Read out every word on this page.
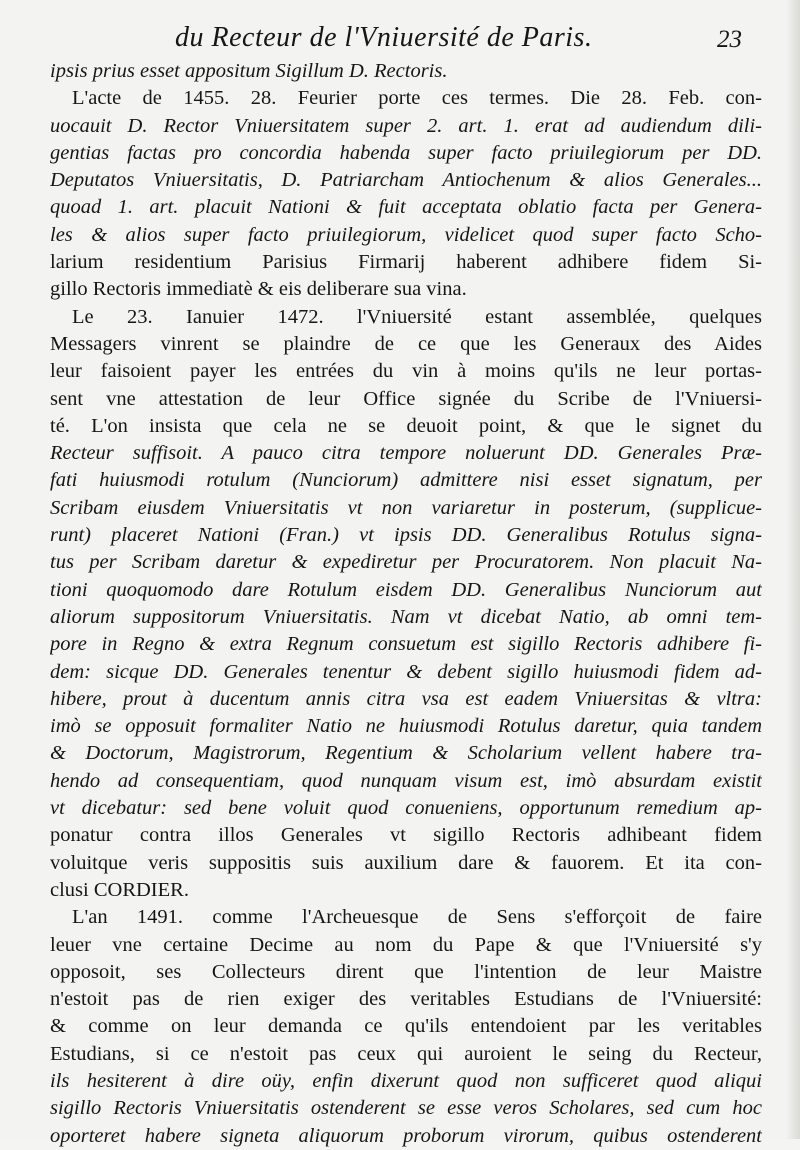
du Recteur de l'Vniuersité de Paris.	23
ipsis prius esset appositum Sigillum D. Rectoris.
L'acte de 1455. 28. Feurier porte ces termes. Die 28. Feb. con-
uocauit D. Rector Vniuersitatem super 2. art. 1. erat ad audiendum dili-
gentias factas pro concordia habenda super facto priuilegiorum per DD.
Deputatos Vniuersitatis, D. Patriarcham Antiochenum & alios Generales...
quoad 1. art. placuit Nationi & fuit acceptata oblatio facta per Genera-
les & alios super facto priuilegiorum, videlicet quod super facto Scho-
larium residentium Parisius Firmarij haberent adhibere fidem Si-
gillo Rectoris immediatè & eis deliberare sua vina.
Le 23. Ianuier 1472. l'Vniuersité estant assemblée, quelques
Messagers vinrent se plaindre de ce que les Generaux des Aides
leur faisoient payer les entrées du vin à moins qu'ils ne leur portas-
sent vne attestation de leur Office signée du Scribe de l'Vniuersi-
té. L'on insista que cela ne se deuoit point, & que le signet du
Recteur suffisoit. A pauco citra tempore noluerunt DD. Generales Præ-
fati huiusmodi rotulum (Nunciorum) admittere nisi esset signatum, per
Scribam eiusdem Vniuersitatis vt non variaretur in posterum, (supplicue-
runt) placeret Nationi (Fran.) vt ipsis DD. Generalibus Rotulus signa-
tus per Scribam daretur & expediretur per Procuratorem. Non placuit Na-
tioni quoquomodo dare Rotulum eisdem DD. Generalibus Nunciorum aut
aliorum suppositorum Vniuersitatis. Nam vt dicebat Natio, ab omni tem-
pore in Regno & extra Regnum consuetum est sigillo Rectoris adhibere fi-
dem: sicque DD. Generales tenentur & debent sigillo huiusmodi fidem ad-
hibere, prout à ducentum annis citra vsa est eadem Vniuersitas & vltra:
imò se opposuit formaliter Natio ne huiusmodi Rotulus daretur, quia tandem
& Doctorum, Magistrorum, Regentium & Scholarium vellent habere tra-
hendo ad consequentiam, quod nunquam visum est, imò absurdam existit
vt dicebatur: sed bene voluit quod conueniens, opportunum remedium ap-
ponatur contra illos Generales vt sigillo Rectoris adhibeant fidem
voluitque veris suppositis suis auxilium dare & fauorem. Et ita con-
clusi CORDIER.
L'an 1491. comme l'Archeuesque de Sens s'efforçoit de faire
leuer vne certaine Decime au nom du Pape & que l'Vniuersité s'y
opposoit, ses Collecteurs dirent que l'intention de leur Maistre
n'estoit pas de rien exiger des veritables Estudians de l'Vniuersité:
& comme on leur demanda ce qu'ils entendoient par les veritables
Estudians, si ce n'estoit pas ceux qui auroient le seing du Recteur,
ils hesiterent à dire oüy, enfin dixerunt quod non sufficeret quod aliqui
sigillo Rectoris Vniuersitatis ostenderent se esse veros Scholares, sed cum hoc
oporteret habere signeta aliquorum proborum virorum, quibus ostenderent
